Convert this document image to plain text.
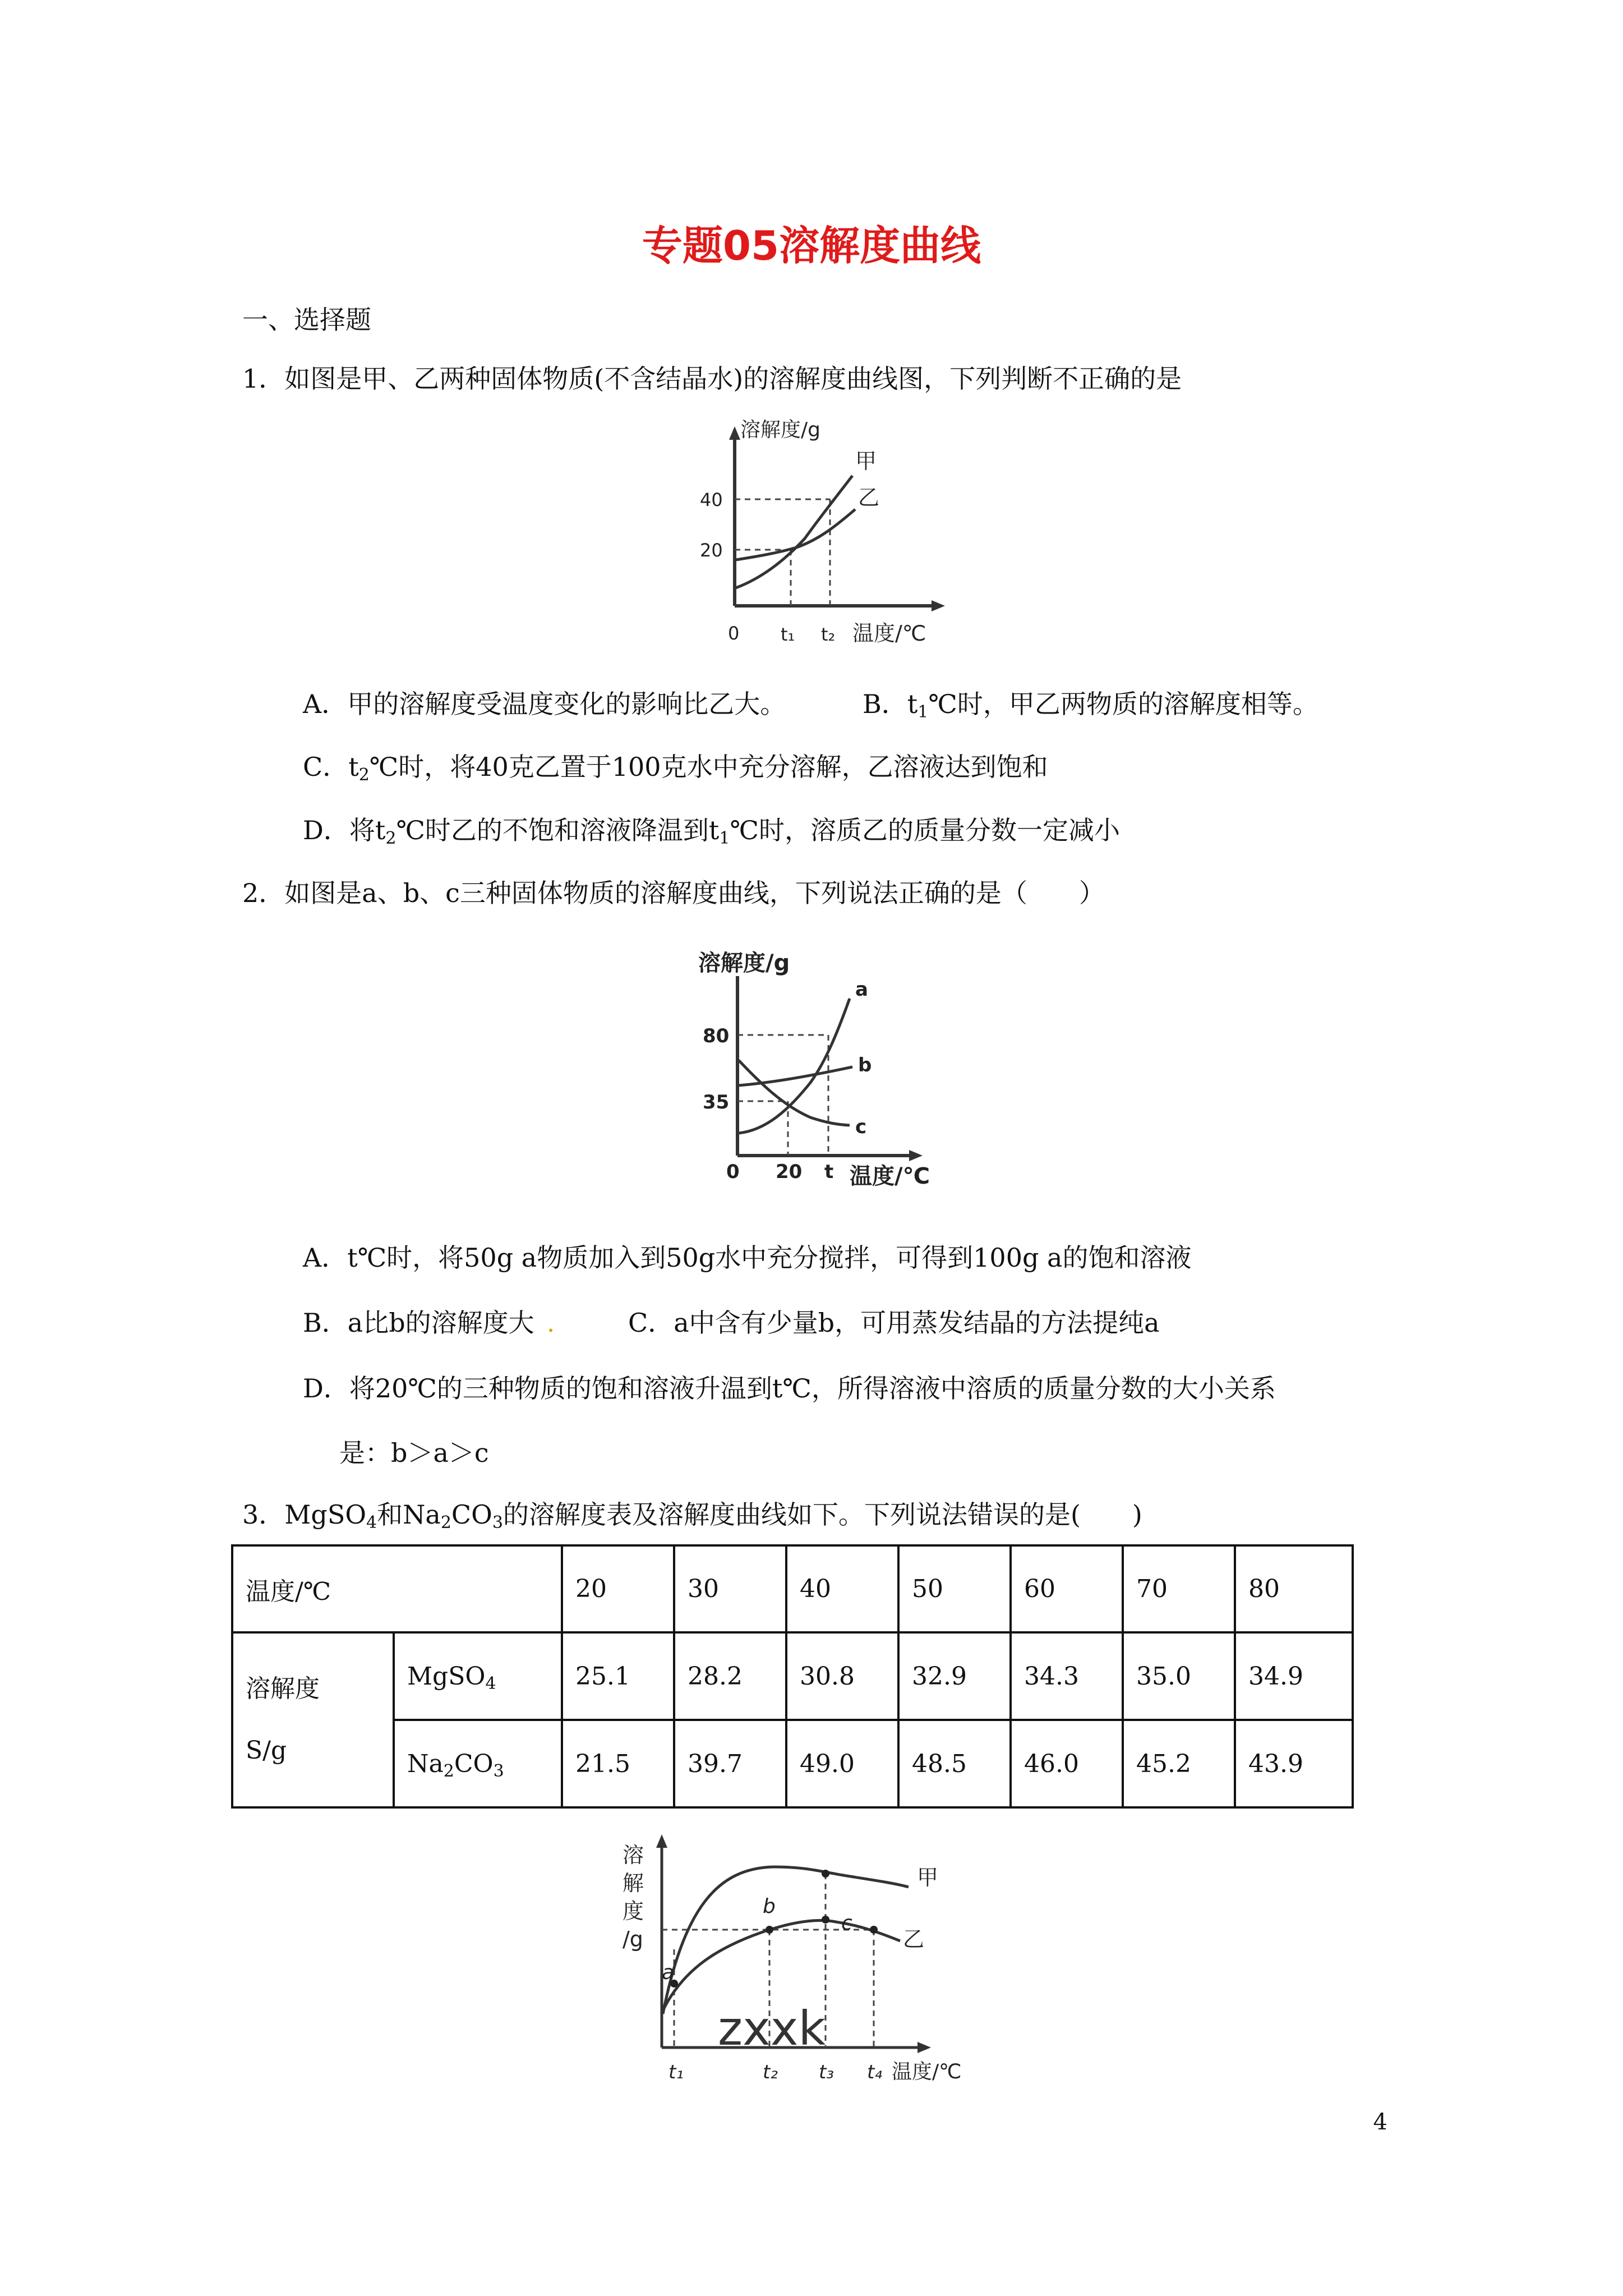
专题05溶解度曲线
一、选择题
1．如图是甲、乙两种固体物质(不含结晶水)的溶解度曲线图，下列判断不正确的是
溶解度/g
40
20
0 t₁ t₂ 温度/℃
甲
乙
A．甲的溶解度受温度变化的影响比乙大。	B．$t_1℃$时，甲乙两物质的溶解度相等。
C．$t_2℃$时，将40克乙置于100克水中充分溶解，乙溶液达到饱和
D．将$t_2℃$时乙的不饱和溶液降温到$t_1℃$时，溶质乙的质量分数一定减小
2．如图是a、b、c三种固体物质的溶解度曲线，下列说法正确的是（　　）
溶解度/g
80
35
0 20 t 温度/℃
a
b
c
A．t℃时，将50g a物质加入到50g水中充分搅拌，可得到100g a的饱和溶液
B．a比b的溶解度大 .	C．a中含有少量b，可用蒸发结晶的方法提纯a
D．将20℃的三种物质的饱和溶液升温到t℃，所得溶液中溶质的质量分数的大小关系
是：b＞a＞c
3．MgSO$_4$和$Na_2CO_3$的溶解度表及溶解度曲线如下。下列说法错误的是(　　)
温度/℃		20	30	40	50	60	70	80

溶解度
S/g	MgSO$_4$	25.1	28.2	30.8	32.9	34.3	35.0	34.9
	$Na_2CO_3$	21.5	39.7	49.0	48.5	46.0	45.2	43.9
溶
解
度
/g
a
b
c
甲
乙
zxxk
t₁	t₂ t₃ t₄ 温度/℃
4
